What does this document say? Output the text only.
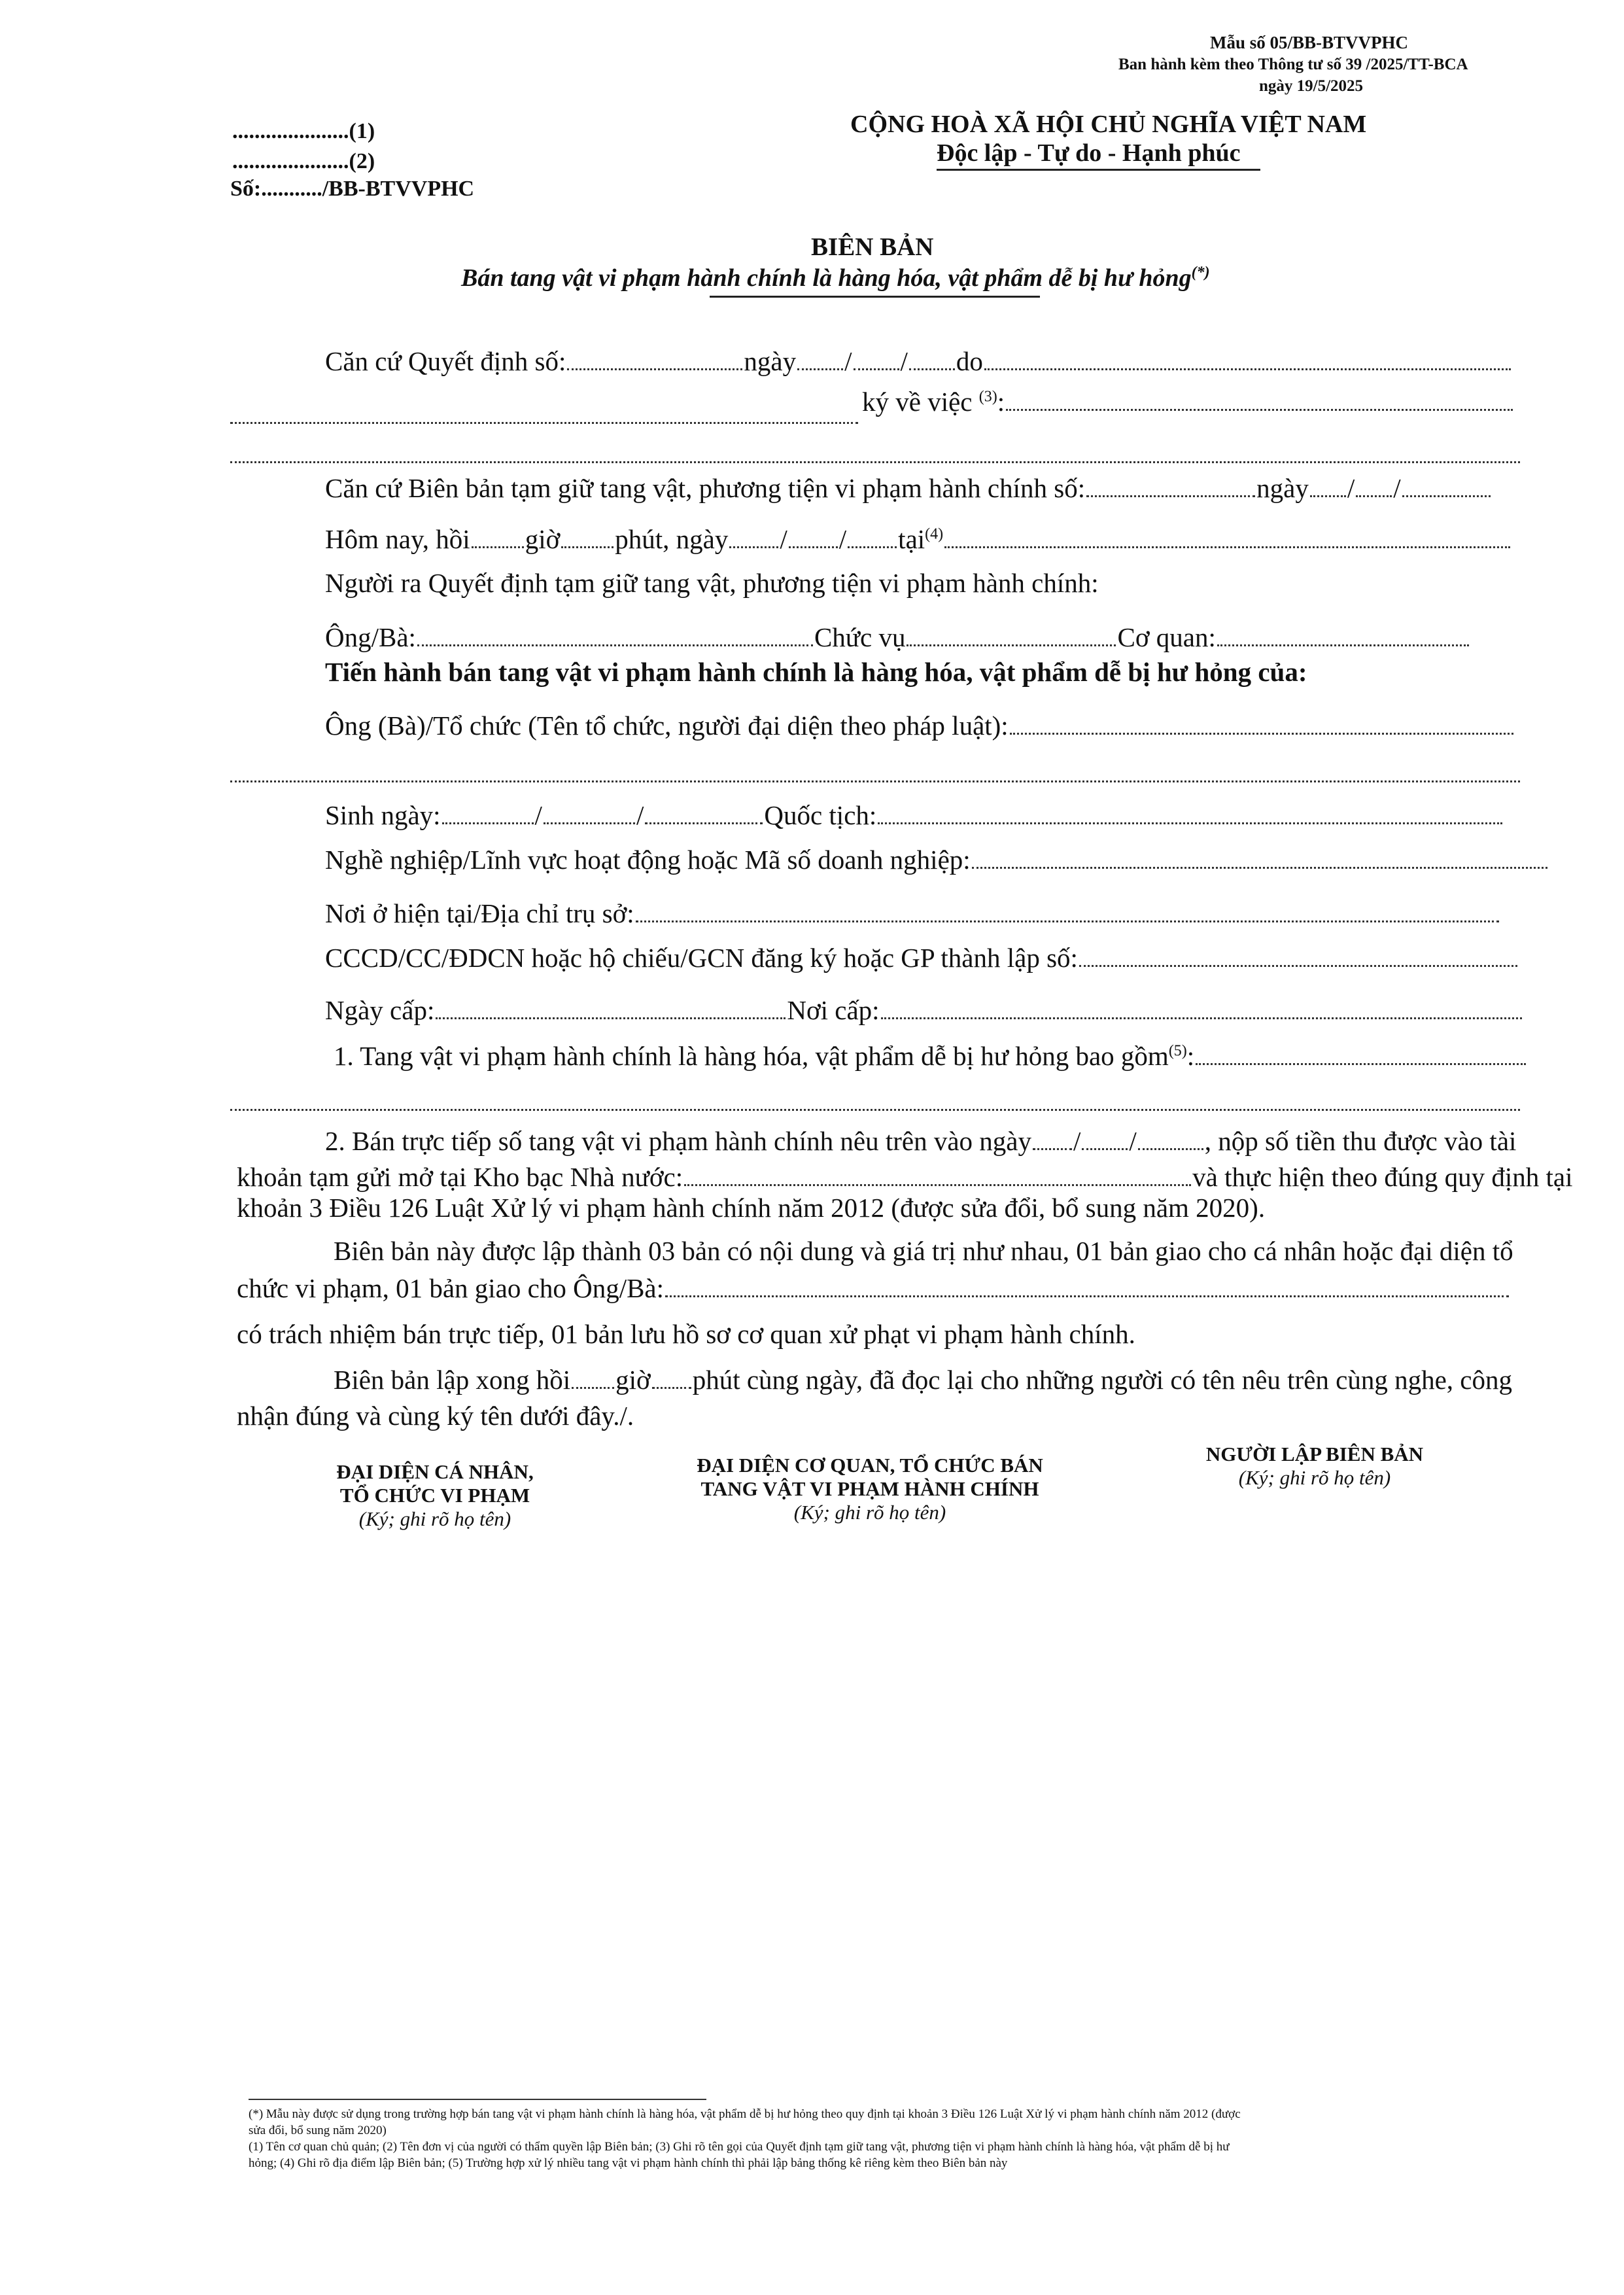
Mẫu số 05/BB-BTVVPHC
Ban hành kèm theo Thông tư số 39 /2025/TT-BCA
ngày 19/5/2025
.....................(1)
.....................(2)
Số:.........../BB-BTVVPHC
CỘNG HOÀ XÃ HỘI CHỦ NGHĨA VIỆT NAM
Độc lập - Tự do - Hạnh phúc
BIÊN BẢN
Bán tang vật vi phạm hành chính là hàng hóa, vật phẩm dễ bị hư hỏng(*)
Căn cứ Quyết định số:	ngày / / do
ký về việc $^{(3)}$:
Căn cứ Biên bản tạm giữ tang vật, phương tiện vi phạm hành chính số:	ngày / /
Hôm nay, hồi giờ phút, ngày / / tại$^{(4)}$
Người ra Quyết định tạm giữ tang vật, phương tiện vi phạm hành chính:
Ông/Bà:	Chức vụ	Cơ quan:
Tiến hành bán tang vật vi phạm hành chính là hàng hóa, vật phẩm dễ bị hư hỏng của:
Ông (Bà)/Tổ chức (Tên tổ chức, người đại diện theo pháp luật):
Sinh ngày:	/	/	Quốc tịch:
Nghề nghiệp/Lĩnh vực hoạt động hoặc Mã số doanh nghiệp:
Nơi ở hiện tại/Địa chỉ trụ sở:
CCCD/CC/ĐDCN hoặc hộ chiếu/GCN đăng ký hoặc GP thành lập số:
Ngày cấp:	Nơi cấp:
1. Tang vật vi phạm hành chính là hàng hóa, vật phẩm dễ bị hư hỏng bao gồm$^{(5)}$:
2. Bán trực tiếp số tang vật vi phạm hành chính nêu trên vào ngày / /	, nộp số tiền thu được vào tài
khoản tạm gửi mở tại Kho bạc Nhà nước:	và thực hiện theo đúng quy định tại
khoản 3 Điều 126 Luật Xử lý vi phạm hành chính năm 2012 (được sửa đổi, bổ sung năm 2020).
Biên bản này được lập thành 03 bản có nội dung và giá trị như nhau, 01 bản giao cho cá nhân hoặc đại diện tổ
chức vi phạm, 01 bản giao cho Ông/Bà:
có trách nhiệm bán trực tiếp, 01 bản lưu hồ sơ cơ quan xử phạt vi phạm hành chính.
Biên bản lập xong hồi giờ phút cùng ngày, đã đọc lại cho những người có tên nêu trên cùng nghe, công
nhận đúng và cùng ký tên dưới đây./.
ĐẠI DIỆN CÁ NHÂN,
TỔ CHỨC VI PHẠM
(Ký; ghi rõ họ tên)
ĐẠI DIỆN CƠ QUAN, TỔ CHỨC BÁN
TANG VẬT VI PHẠM HÀNH CHÍNH
(Ký; ghi rõ họ tên)
NGƯỜI LẬP BIÊN BẢN
(Ký; ghi rõ họ tên)
(*) Mẫu này được sử dụng trong trường hợp bán tang vật vi phạm hành chính là hàng hóa, vật phẩm dễ bị hư hỏng theo quy định tại khoản 3 Điều 126 Luật Xử lý vi phạm hành chính năm 2012 (được
sửa đổi, bổ sung năm 2020)
(1) Tên cơ quan chủ quản; (2) Tên đơn vị của người có thẩm quyền lập Biên bản; (3) Ghi rõ tên gọi của Quyết định tạm giữ tang vật, phương tiện vi phạm hành chính là hàng hóa, vật phẩm dễ bị hư
hỏng; (4) Ghi rõ địa điểm lập Biên bản; (5) Trường hợp xử lý nhiều tang vật vi phạm hành chính thì phải lập bảng thống kê riêng kèm theo Biên bản này
